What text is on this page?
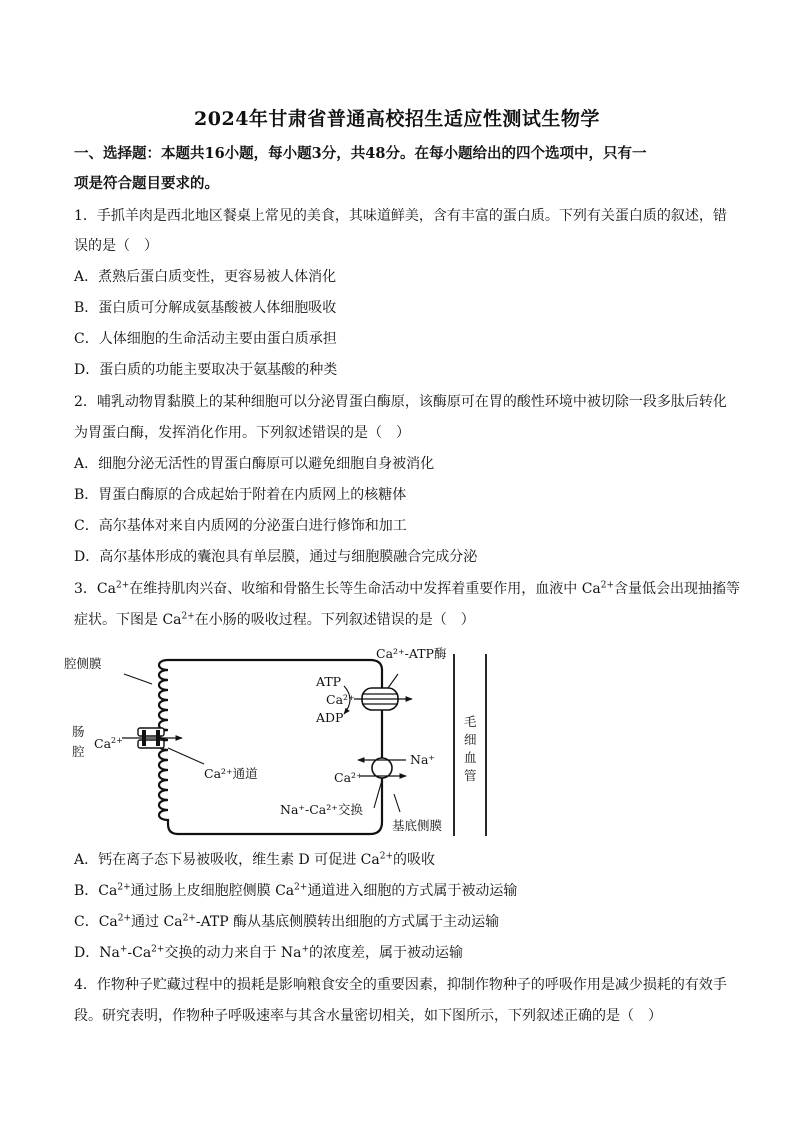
2024年甘肃省普通高校招生适应性测试生物学
一、选择题：本题共16小题，每小题3分，共48分。在每小题给出的四个选项中，只有一
项是符合题目要求的。
1．手抓羊肉是西北地区餐桌上常见的美食，其味道鲜美，含有丰富的蛋白质。下列有关蛋白质的叙述，错
误的是（　）
A．煮熟后蛋白质变性，更容易被人体消化
B．蛋白质可分解成氨基酸被人体细胞吸收
C．人体细胞的生命活动主要由蛋白质承担
D．蛋白质的功能主要取决于氨基酸的种类
2．哺乳动物胃黏膜上的某种细胞可以分泌胃蛋白酶原，该酶原可在胃的酸性环境中被切除一段多肽后转化
为胃蛋白酶，发挥消化作用。下列叙述错误的是（　）
A．细胞分泌无活性的胃蛋白酶原可以避免细胞自身被消化
B．胃蛋白酶原的合成起始于附着在内质网上的核糖体
C．高尔基体对来自内质网的分泌蛋白进行修饰和加工
D．高尔基体形成的囊泡具有单层膜，通过与细胞膜融合完成分泌
3．$Ca^{2+}$在维持肌肉兴奋、收缩和骨骼生长等生命活动中发挥着重要作用，血液中 $Ca^{2+}$含量低会出现抽搐等
症状。下图是 $Ca^{2+}$在小肠的吸收过程。下列叙述错误的是（　）
腔侧膜
肠
腔
$Ca^{2+}$
Ca²⁺通道
Ca²⁺-ATP酶
ATP
Ca²⁺
ADP
Na⁺
Ca²⁺
Na⁺-Ca²⁺交换
基底侧膜
毛
细
血
管
A．钙在离子态下易被吸收，维生素 D 可促进 $Ca^{2+}$的吸收
B．$Ca^{2+}$通过肠上皮细胞腔侧膜 $Ca^{2+}$通道进入细胞的方式属于被动运输
C．$Ca^{2+}$通过 $Ca^{2+}$-ATP 酶从基底侧膜转出细胞的方式属于主动运输
D．$Na^+-Ca^{2+}$交换的动力来自于 Na+的浓度差，属于被动运输
4．作物种子贮藏过程中的损耗是影响粮食安全的重要因素，抑制作物种子的呼吸作用是减少损耗的有效手
段。研究表明，作物种子呼吸速率与其含水量密切相关，如下图所示，下列叙述正确的是（　）
